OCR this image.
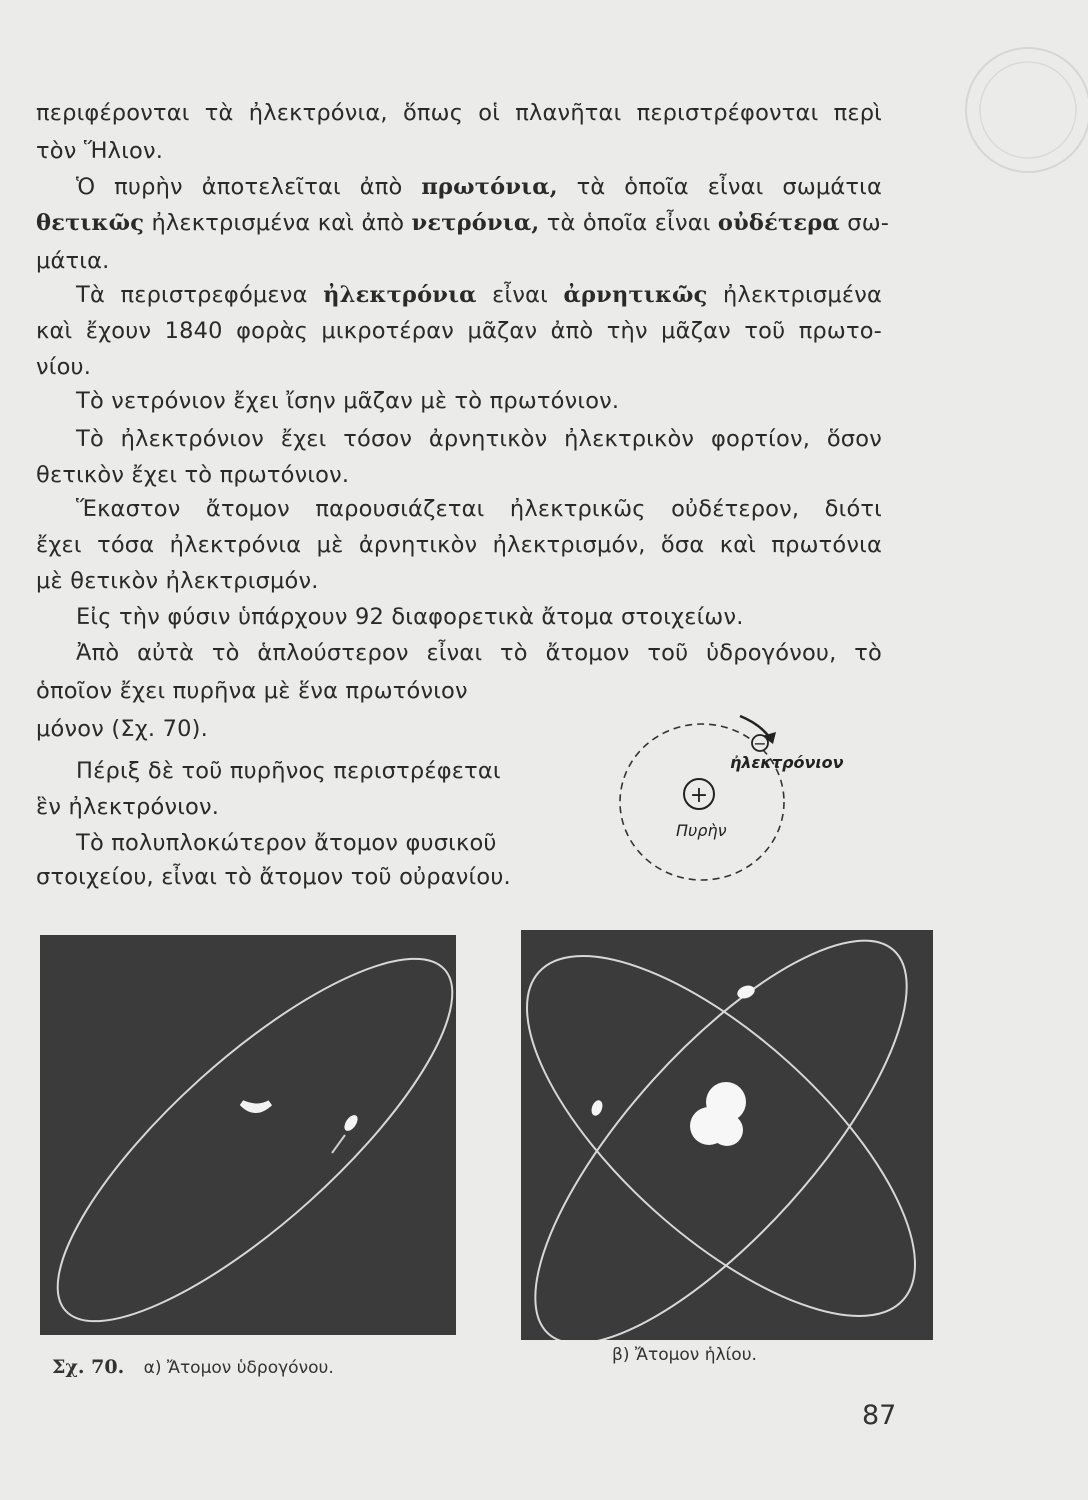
περιφέρονται τὰ ἠλεκτρόνια, ὅπως οἱ πλανῆται περιστρέφονται περὶ
τὸν Ἥλιον.
Ὁ πυρὴν ἀποτελεῖται ἀπὸ πρωτόνια, τὰ ὁποῖα εἶναι σωμάτια
θετικῶς ἠλεκτρισμένα καὶ ἀπὸ νετρόνια, τὰ ὁποῖα εἶναι οὐδέτερα σω-
μάτια.
Τὰ περιστρεφόμενα ἠλεκτρόνια εἶναι ἀρνητικῶς ἠλεκτρισμένα
καὶ ἔχουν 1840 φορὰς μικροτέραν μᾶζαν ἀπὸ τὴν μᾶζαν τοῦ πρωτο-
νίου.
Τὸ νετρόνιον ἔχει ἴσην μᾶζαν μὲ τὸ πρωτόνιον.
Τὸ ἠλεκτρόνιον ἔχει τόσον ἀρνητικὸν ἠλεκτρικὸν φορτίον, ὅσον
θετικὸν ἔχει τὸ πρωτόνιον.
Ἕκαστον ἄτομον παρουσιάζεται ἠλεκτρικῶς οὐδέτερον, διότι
ἔχει τόσα ἠλεκτρόνια μὲ ἀρνητικὸν ἠλεκτρισμόν, ὅσα καὶ πρωτόνια
μὲ θετικὸν ἠλεκτρισμόν.
Εἰς τὴν φύσιν ὑπάρχουν 92 διαφορετικὰ ἄτομα στοιχείων.
Ἀπὸ αὐτὰ τὸ ἁπλούστερον εἶναι τὸ ἄτομον τοῦ ὑδρογόνου, τὸ
ὁποῖον ἔχει πυρῆνα μὲ ἕνα πρωτόνιον
μόνον (Σχ. 70).
Πέριξ δὲ τοῦ πυρῆνος περιστρέφεται
ἓν ἠλεκτρόνιον.
Τὸ πολυπλοκώτερον ἄτομον φυσικοῦ
στοιχείου, εἶναι τὸ ἄτομον τοῦ οὐρανίου.
−
ἠλεκτρόνιον
+
Πυρὴν
Σχ. 70. α) Ἄτομον ὑδρογόνου.
β) Ἄτομον ἡλίου.
87
